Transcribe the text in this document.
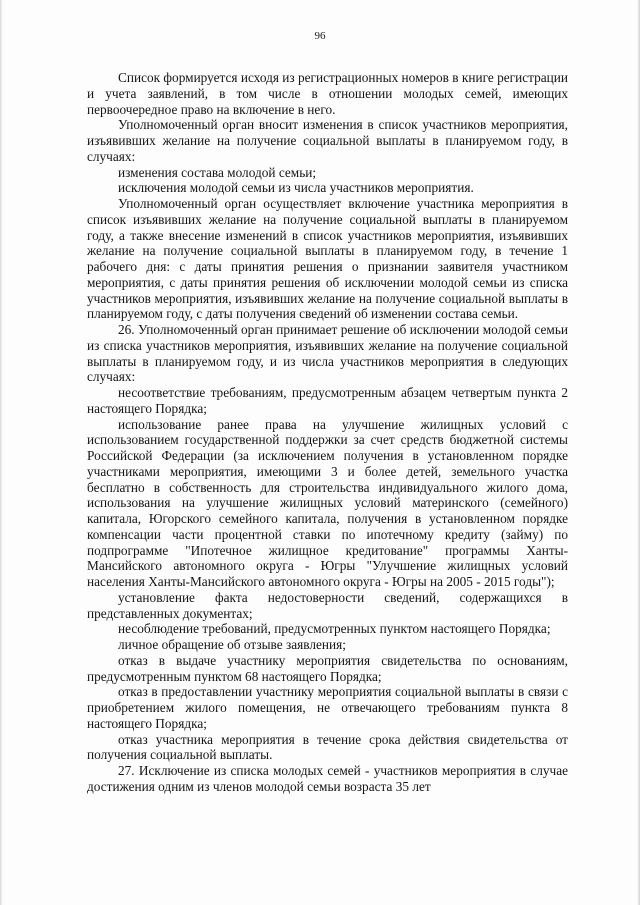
96

Список формируется исходя из регистрационных номеров в книге регистрации и учета заявлений, в том числе в отношении молодых семей, имеющих первоочередное право на включение в него.

Уполномоченный орган вносит изменения в список участников мероприятия, изъявивших желание на получение социальной выплаты в планируемом году, в случаях:

изменения состава молодой семьи;

исключения молодой семьи из числа участников мероприятия.

Уполномоченный орган осуществляет включение участника мероприятия в список изъявивших желание на получение социальной выплаты в планируемом году, а также внесение изменений в список участников мероприятия, изъявивших желание на получение социальной выплаты в планируемом году, в течение 1 рабочего дня: с даты принятия решения о признании заявителя участником мероприятия, с даты принятия решения об исключении молодой семьи из списка участников мероприятия, изъявивших желание на получение социальной выплаты в планируемом году, с даты получения сведений об изменении состава семьи.

26. Уполномоченный орган принимает решение об исключении молодой семьи из списка участников мероприятия, изъявивших желание на получение социальной выплаты в планируемом году, и из числа участников мероприятия в следующих случаях:

несоответствие требованиям, предусмотренным абзацем четвертым пункта 2 настоящего Порядка;

использование ранее права на улучшение жилищных условий с использованием государственной поддержки за счет средств бюджетной системы Российской Федерации (за исключением получения в установленном порядке участниками мероприятия, имеющими 3 и более детей, земельного участка бесплатно в собственность для строительства индивидуального жилого дома, использования на улучшение жилищных условий материнского (семейного) капитала, Югорского семейного капитала, получения в установленном порядке компенсации части процентной ставки по ипотечному кредиту (займу) по подпрограмме "Ипотечное жилищное кредитование" программы Ханты-Мансийского автономного округа - Югры "Улучшение жилищных условий населения Ханты-Мансийского автономного округа - Югры на 2005 - 2015 годы");

установление факта недостоверности сведений, содержащихся в представленных документах;

несоблюдение требований, предусмотренных пунктом настоящего Порядка;

личное обращение об отзыве заявления;

отказ в выдаче участнику мероприятия свидетельства по основаниям, предусмотренным пунктом 68 настоящего Порядка;

отказ в предоставлении участнику мероприятия социальной выплаты в связи с приобретением жилого помещения, не отвечающего требованиям пункта 8 настоящего Порядка;

отказ участника мероприятия в течение срока действия свидетельства от получения социальной выплаты.

27. Исключение из списка молодых семей - участников мероприятия в случае достижения одним из членов молодой семьи возраста 35 лет
